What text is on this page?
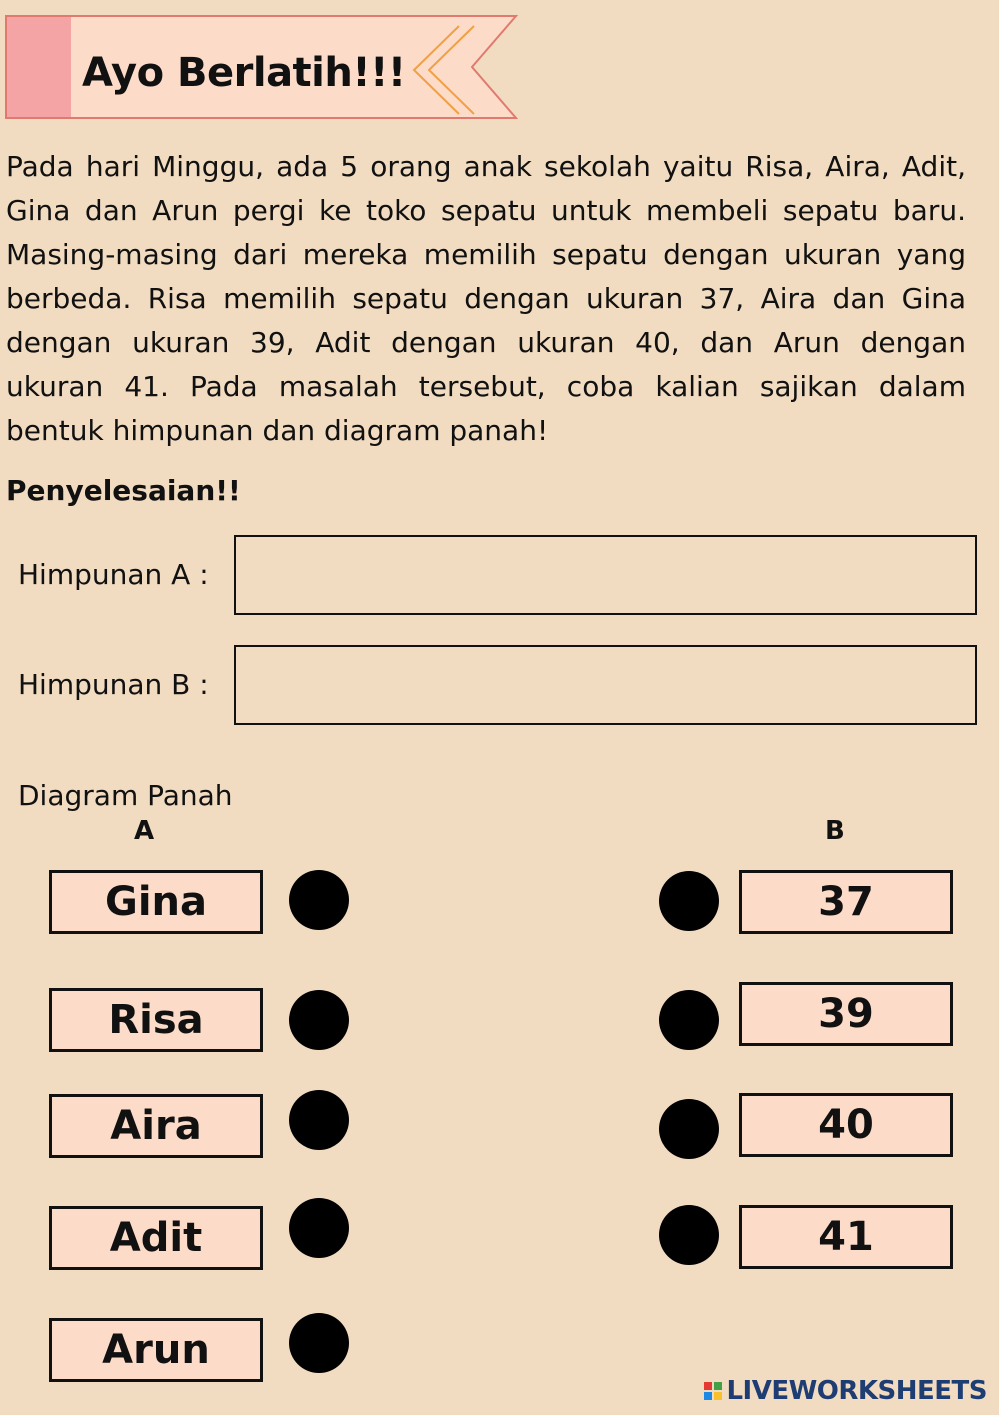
Ayo Berlatih!!!

Pada hari Minggu, ada 5 orang anak sekolah yaitu Risa, Aira, Adit, Gina dan Arun pergi ke toko sepatu untuk membeli sepatu baru. Masing-masing dari mereka memilih sepatu dengan ukuran yang berbeda. Risa memilih sepatu dengan ukuran 37, Aira dan Gina dengan ukuran 39, Adit dengan ukuran 40, dan Arun dengan ukuran 41. Pada masalah tersebut, coba kalian sajikan dalam bentuk himpunan dan diagram panah!

Penyelesaian!!
Himpunan A :
Himpunan B :
Diagram Panah
A	B
Gina
Risa
Aira
Adit
Arun
37
39
40
41
LIVEWORKSHEETS
